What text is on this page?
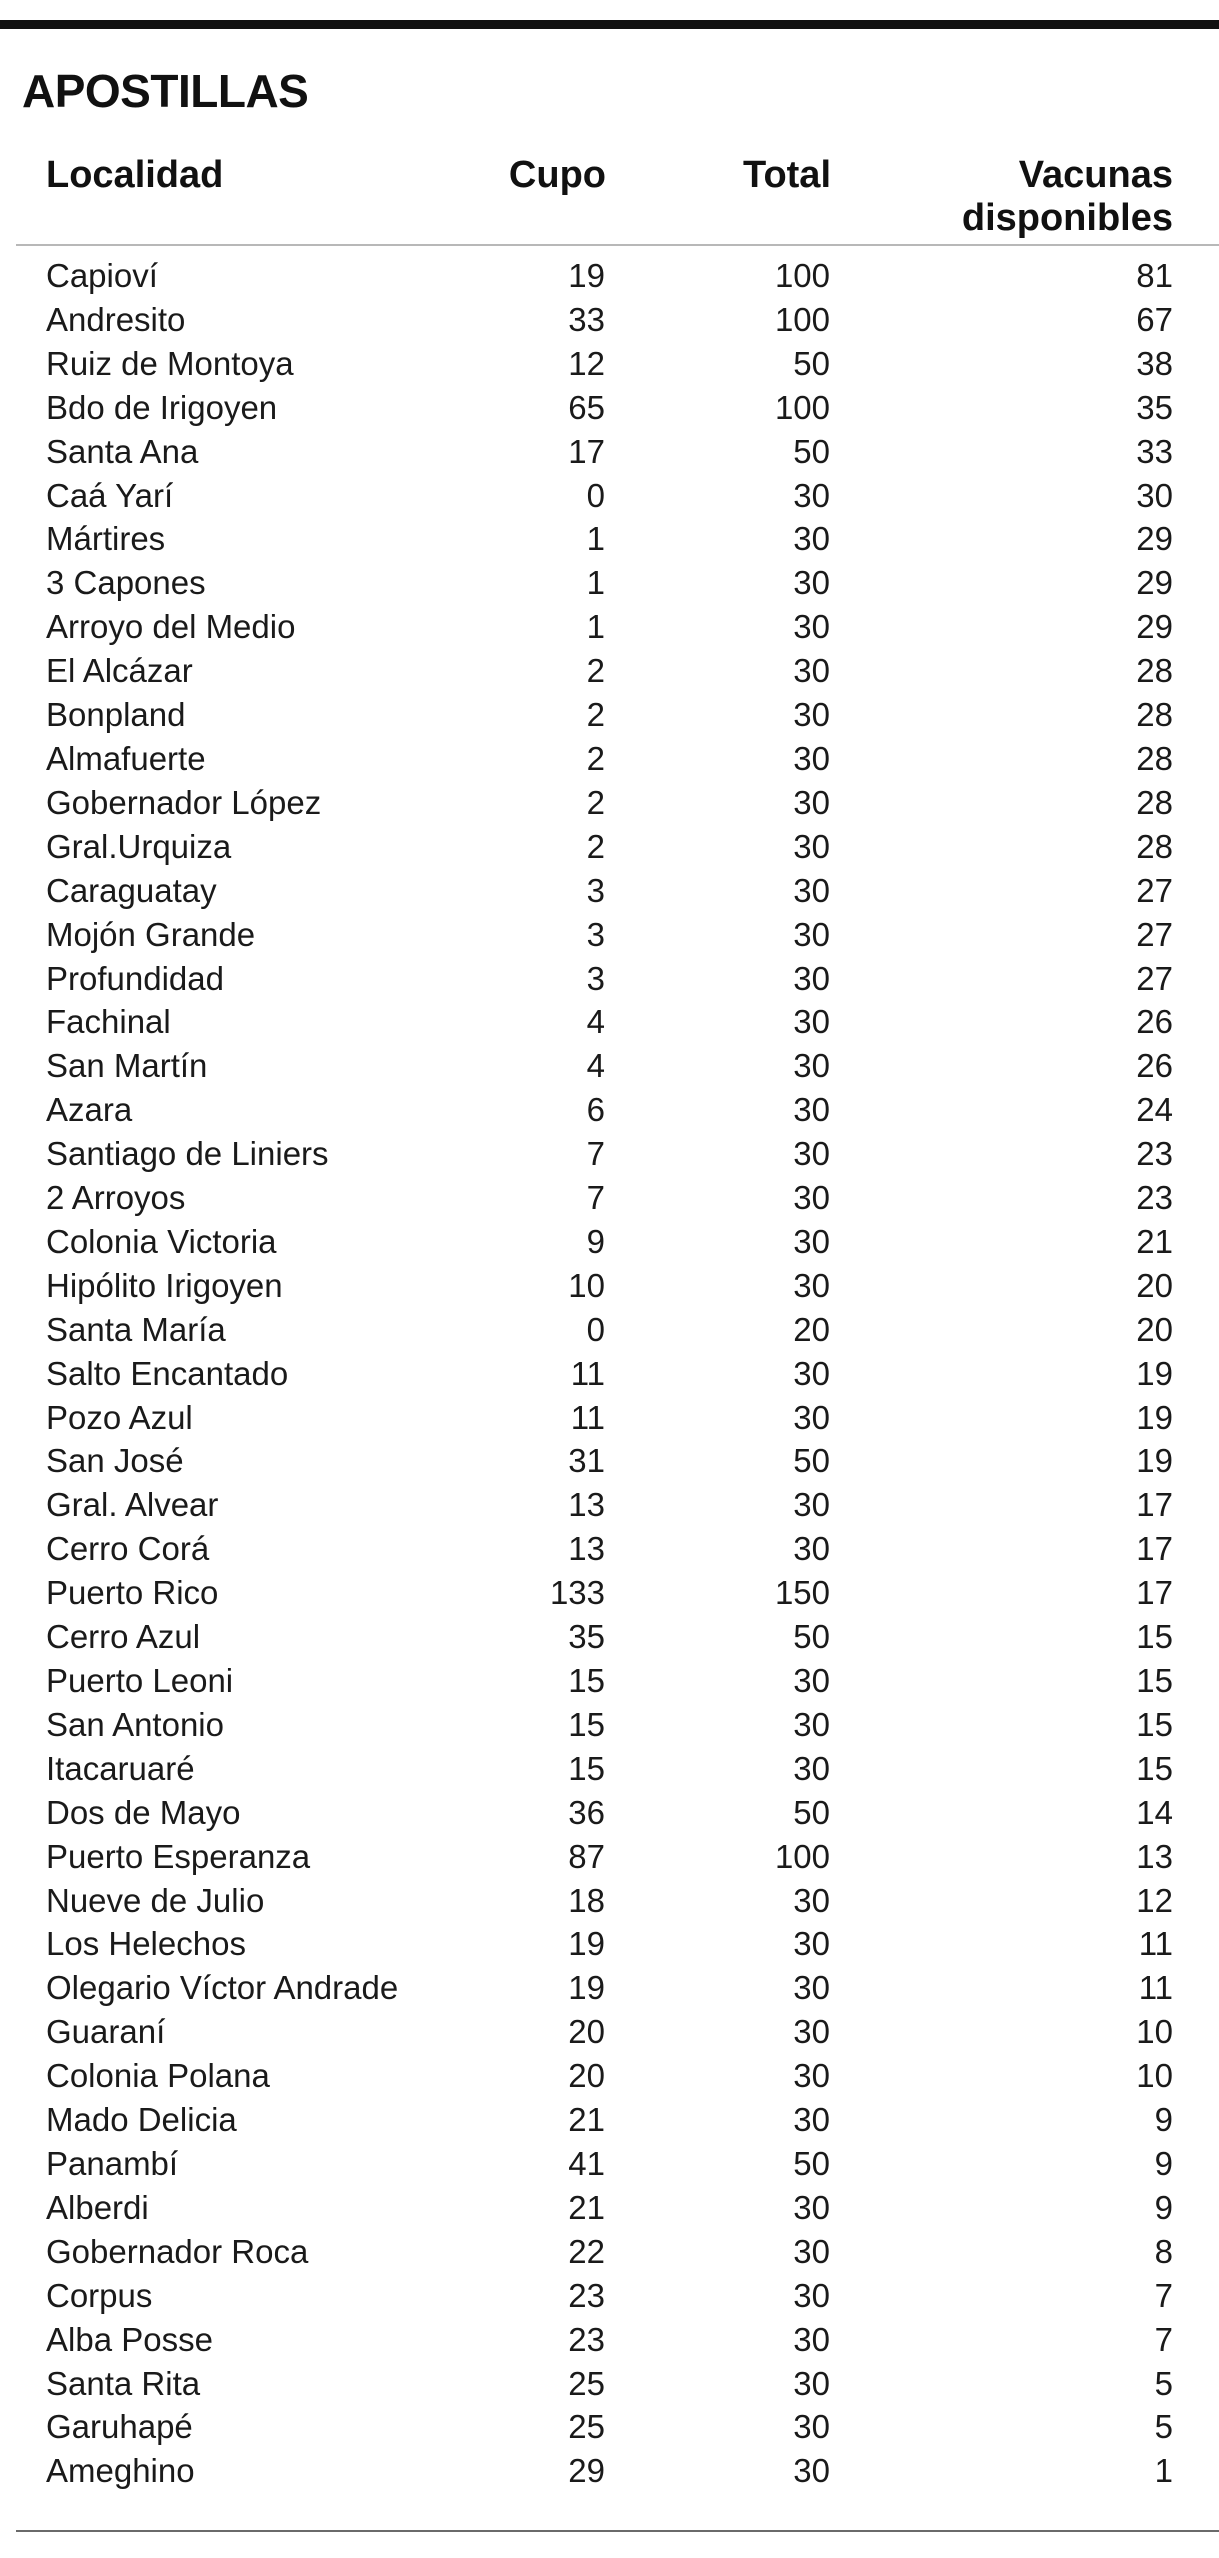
APOSTILLAS
Localidad	Cupo	Total	Vacunas
disponibles
Capioví	19	100	81
Andresito	33	100	67
Ruiz de Montoya	12	50	38
Bdo de Irigoyen	65	100	35
Santa Ana	17	50	33
Caá Yarí	0	30	30
Mártires	1	30	29
3 Capones	1	30	29
Arroyo del Medio	1	30	29
El Alcázar	2	30	28
Bonpland	2	30	28
Almafuerte	2	30	28
Gobernador López	2	30	28
Gral.Urquiza	2	30	28
Caraguatay	3	30	27
Mojón Grande	3	30	27
Profundidad	3	30	27
Fachinal	4	30	26
San Martín	4	30	26
Azara	6	30	24
Santiago de Liniers	7	30	23
2 Arroyos	7	30	23
Colonia Victoria	9	30	21
Hipólito Irigoyen	10	30	20
Santa María	0	20	20
Salto Encantado	11	30	19
Pozo Azul	11	30	19
San José	31	50	19
Gral. Alvear	13	30	17
Cerro Corá	13	30	17
Puerto Rico	133	150	17
Cerro Azul	35	50	15
Puerto Leoni	15	30	15
San Antonio	15	30	15
Itacaruaré	15	30	15
Dos de Mayo	36	50	14
Puerto Esperanza	87	100	13
Nueve de Julio	18	30	12
Los Helechos	19	30	11
Olegario Víctor Andrade	19	30	11
Guaraní	20	30	10
Colonia Polana	20	30	10
Mado Delicia	21	30	9
Panambí	41	50	9
Alberdi	21	30	9
Gobernador Roca	22	30	8
Corpus	23	30	7
Alba Posse	23	30	7
Santa Rita	25	30	5
Garuhapé	25	30	5
Ameghino	29	30	1
